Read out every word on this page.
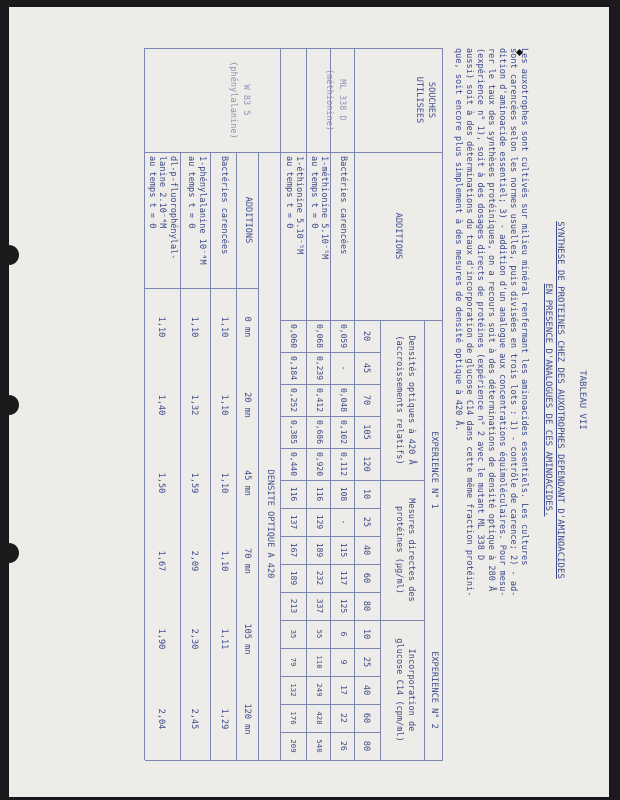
TABLEAU VII
SYNTHESE DE PROTEINES CHEZ DES AUXOTROPHES DEPENDANT D'AMINOACIDES
EN PRESENCE D'ANALOGUES DE CES AMINOACIDES.
Les auxotrophes sont cultivés sur milieu minéral renfermant les aminoacides essentiels. Les cultures
sont carencées selon les normes usuelles, puis divisées en trois lots : 1) - contrôle de carence; 2) - ad-
dition d'aminoacide essentiel; 3) - addition d'un analogue aux concentrations équimoléculaires. Pour mesu-
rer le taux des synthèses protéiniques, on a recours soit à des déterminations de densité optique à 280 Å
(expérience n° 1), soit à des dosages directs de protéines (expérience n° 2 avec le mutant ML 338 D
aussi) soit à des déterminations du taux d'incorporation de glucose C14 dans cette même fraction protéini-
que, soit encore plus simplement à des mesures de densité optique à 420 Å.
SOUCHES
UTILISEES
ADDITIONS
EXPERIENCE N° 1
EXPERIENCE N° 2
Densités optiques à 420 Å
(accroissements relatifs)
Mesures directes des
protéines (µg/ml)
Incorporation de
glucose C14 (cpm/ml)
20
45
70
105
120
10
25
40
60
80
10
25
40
60
80
Bactéries carencées
0,059
-
0,048
0,102
0,112
108
-
115
117
125
6
9
17
22
26
1-méthionine 5.10⁻⁵M
au temps t = 0
0,068
0,239
0,412
0,686
0,920
116
129
189
232
337
55
110
249
428
540
1-éthionine 5.10⁻⁵M
au temps t = 0
0,060
0,184
0,252
0,385
0,440
116
137
167
189
213
35
79
132
176
209
ML 338 D
(méthionine)
ADDITIONS
DENSITE OPTIQUE A 420
0 mn
20 mn
45 mn
70 mn
105 mn
120 mn
Bactéries carencées
1,10
1,10
1,10
1,10
1,11
1,29
1-phénylalanine 10⁻⁴M
au temps t = 0
1,10
1,32
1,59
2,09
2,30
2,45
dl-p-fluorophénylal-
lanine 2.10⁻⁴M
au temps t = 0
1,10
1,40
1,50
1,67
1,90
2,04
W 83 5
(phénylalanine)
